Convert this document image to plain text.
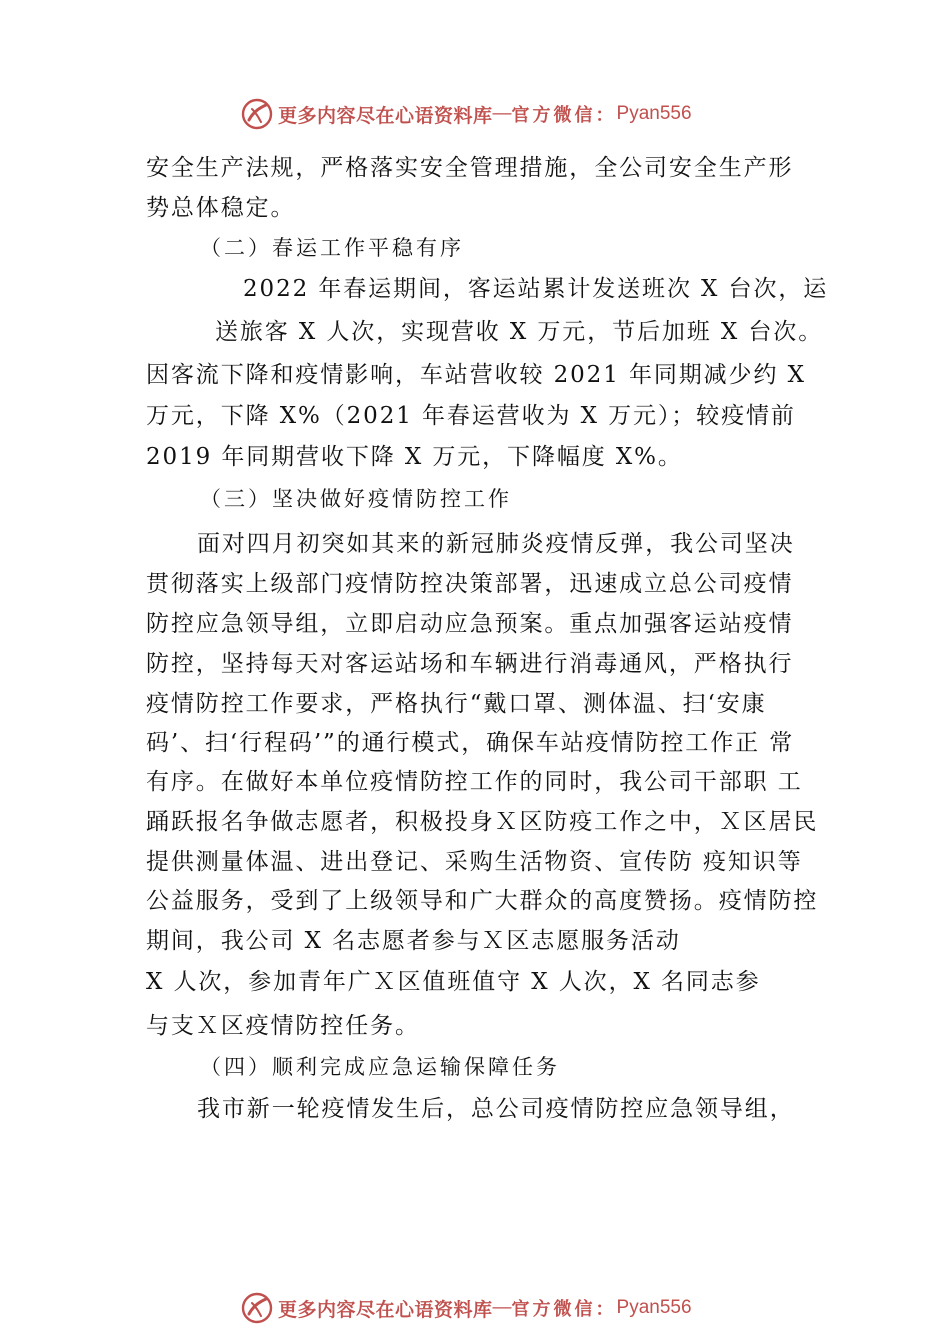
更多内容尽在心语资料库 — 官方微信： Pyan556
安全生产法规，严格落实安全管理措施，全公司安全生产形
势总体稳定。
（二）春运工作平稳有序
2022 年春运期间，客运站累计发送班次 X 台次，运
送旅客 X 人次，实现营收 X 万元，节后加班 X 台次。
因客流下降和疫情影响，车站营收较 2021 年同期减少约 X
万元，下降 X%（2021 年春运营收为 X 万元）；较疫情前
2019 年同期营收下降 X 万元，下降幅度 X%。
（三）坚决做好疫情防控工作
面对四月初突如其来的新冠肺炎疫情反弹，我公司坚决
贯彻落实上级部门疫情防控决策部署，迅速成立总公司疫情
防控应急领导组，立即启动应急预案。重点加强客运站疫情
防控，坚持每天对客运站场和车辆进行消毒通风，严格执行
疫情防控工作要求，严格执行“戴口罩、测体温、扫‘安康
码’、扫‘行程码’”的通行模式，确保车站疫情防控工作正 常
有序。在做好本单位疫情防控工作的同时，我公司干部职 工
踊跃报名争做志愿者，积极投身Ｘ区防疫工作之中，Ｘ区居民
提供测量体温、进出登记、采购生活物资、宣传防 疫知识等
公益服务，受到了上级领导和广大群众的高度赞扬。疫情防控
期间，我公司 X 名志愿者参与Ｘ区志愿服务活动
X 人次，参加青年广Ｘ区值班值守 X 人次，X 名同志参
与支Ｘ区疫情防控任务。
（四）顺利完成应急运输保障任务
我市新一轮疫情发生后，总公司疫情防控应急领导组，
更多内容尽在心语资料库 — 官方微信： Pyan556
